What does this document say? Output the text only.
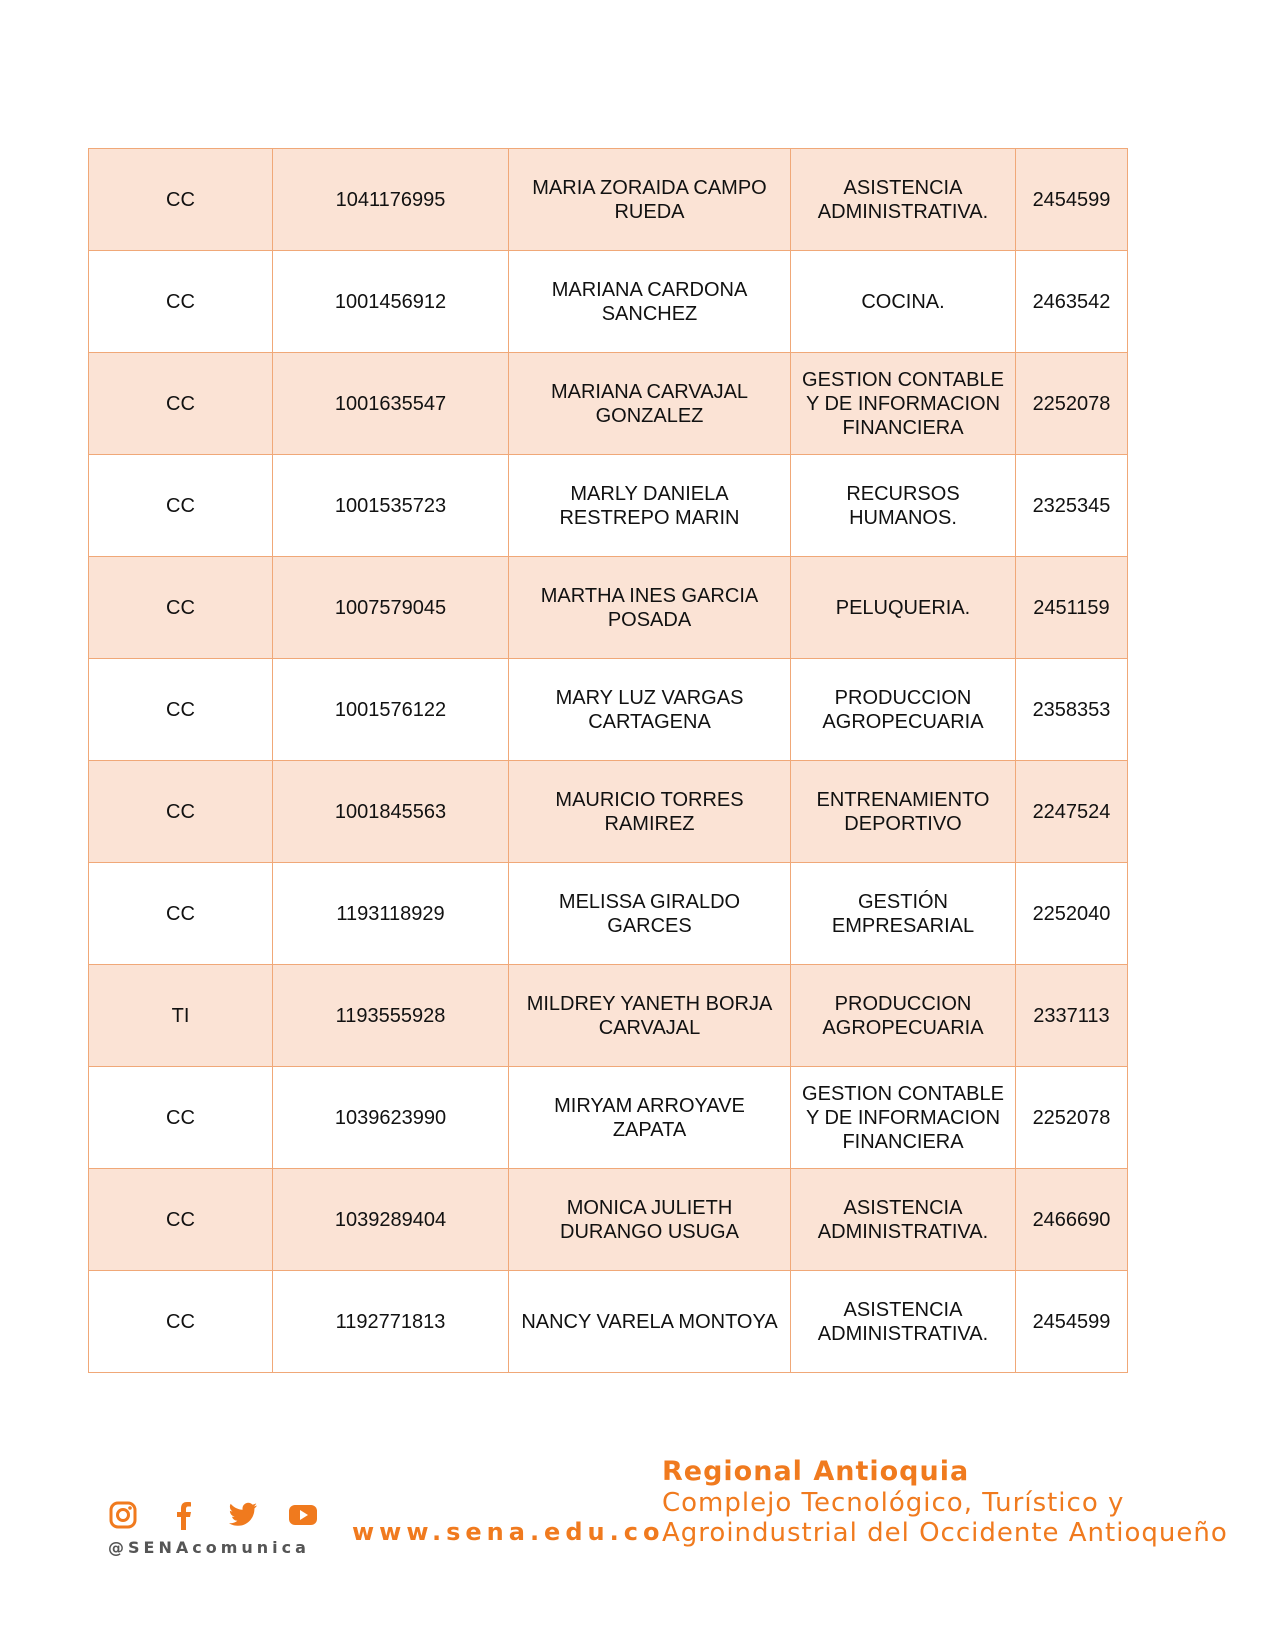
CC	1041176995	MARIA ZORAIDA CAMPO RUEDA	ASISTENCIA ADMINISTRATIVA.	2454599
CC	1001456912	MARIANA CARDONA SANCHEZ	COCINA.	2463542
CC	1001635547	MARIANA CARVAJAL GONZALEZ	GESTION CONTABLE Y DE INFORMACION FINANCIERA	2252078
CC	1001535723	MARLY DANIELA RESTREPO MARIN	RECURSOS HUMANOS.	2325345
CC	1007579045	MARTHA INES GARCIA POSADA	PELUQUERIA.	2451159
CC	1001576122	MARY LUZ VARGAS CARTAGENA	PRODUCCION AGROPECUARIA	2358353
CC	1001845563	MAURICIO TORRES RAMIREZ	ENTRENAMIENTO DEPORTIVO	2247524
CC	1193118929	MELISSA GIRALDO GARCES	GESTIÓN EMPRESARIAL	2252040
TI	1193555928	MILDREY YANETH BORJA CARVAJAL	PRODUCCION AGROPECUARIA	2337113
CC	1039623990	MIRYAM ARROYAVE ZAPATA	GESTION CONTABLE Y DE INFORMACION FINANCIERA	2252078
CC	1039289404	MONICA JULIETH DURANGO USUGA	ASISTENCIA ADMINISTRATIVA.	2466690
CC	1192771813	NANCY VARELA MONTOYA	ASISTENCIA ADMINISTRATIVA.	2454599
@SENAcomunica
www.sena.edu.co
Regional Antioquia
Complejo Tecnológico, Turístico y
Agroindustrial del Occidente Antioqueño
